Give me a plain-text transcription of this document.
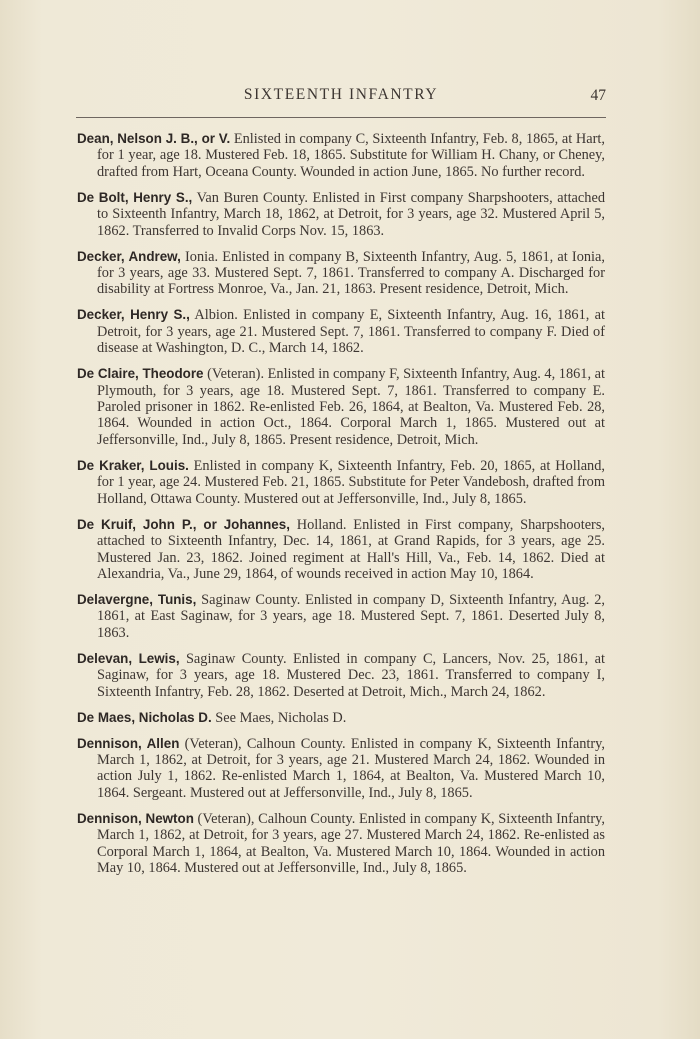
SIXTEENTH INFANTRY	47

Dean, Nelson J. B., or V. Enlisted in company C, Sixteenth Infantry, Feb. 8, 1865, at Hart, for 1 year, age 18. Mustered Feb. 18, 1865. Substitute for William H. Chany, or Cheney, drafted from Hart, Oceana County. Wounded in action June, 1865. No further record.

De Bolt, Henry S., Van Buren County. Enlisted in First company Sharpshooters, attached to Sixteenth Infantry, March 18, 1862, at Detroit, for 3 years, age 32. Mustered April 5, 1862. Transferred to Invalid Corps Nov. 15, 1863.

Decker, Andrew, Ionia. Enlisted in company B, Sixteenth Infantry, Aug. 5, 1861, at Ionia, for 3 years, age 33. Mustered Sept. 7, 1861. Transferred to company A. Discharged for disability at Fortress Monroe, Va., Jan. 21, 1863. Present residence, Detroit, Mich.

Decker, Henry S., Albion. Enlisted in company E, Sixteenth Infantry, Aug. 16, 1861, at Detroit, for 3 years, age 21. Mustered Sept. 7, 1861. Transferred to company F. Died of disease at Washington, D. C., March 14, 1862.

De Claire, Theodore (Veteran). Enlisted in company F, Sixteenth Infantry, Aug. 4, 1861, at Plymouth, for 3 years, age 18. Mustered Sept. 7, 1861. Transferred to company E. Paroled prisoner in 1862. Re-enlisted Feb. 26, 1864, at Bealton, Va. Mustered Feb. 28, 1864. Wounded in action Oct., 1864. Corporal March 1, 1865. Mustered out at Jeffersonville, Ind., July 8, 1865. Present residence, Detroit, Mich.

De Kraker, Louis. Enlisted in company K, Sixteenth Infantry, Feb. 20, 1865, at Holland, for 1 year, age 24. Mustered Feb. 21, 1865. Substitute for Peter Vandebosh, drafted from Holland, Ottawa County. Mustered out at Jeffersonville, Ind., July 8, 1865.

De Kruif, John P., or Johannes, Holland. Enlisted in First company, Sharpshooters, attached to Sixteenth Infantry, Dec. 14, 1861, at Grand Rapids, for 3 years, age 25. Mustered Jan. 23, 1862. Joined regiment at Hall's Hill, Va., Feb. 14, 1862. Died at Alexandria, Va., June 29, 1864, of wounds received in action May 10, 1864.

Delavergne, Tunis, Saginaw County. Enlisted in company D, Sixteenth Infantry, Aug. 2, 1861, at East Saginaw, for 3 years, age 18. Mustered Sept. 7, 1861. Deserted July 8, 1863.

Delevan, Lewis, Saginaw County. Enlisted in company C, Lancers, Nov. 25, 1861, at Saginaw, for 3 years, age 18. Mustered Dec. 23, 1861. Transferred to company I, Sixteenth Infantry, Feb. 28, 1862. Deserted at Detroit, Mich., March 24, 1862.

De Maes, Nicholas D. See Maes, Nicholas D.

Dennison, Allen (Veteran), Calhoun County. Enlisted in company K, Sixteenth Infantry, March 1, 1862, at Detroit, for 3 years, age 21. Mustered March 24, 1862. Wounded in action July 1, 1862. Re-enlisted March 1, 1864, at Bealton, Va. Mustered March 10, 1864. Sergeant. Mustered out at Jeffersonville, Ind., July 8, 1865.

Dennison, Newton (Veteran), Calhoun County. Enlisted in company K, Sixteenth Infantry, March 1, 1862, at Detroit, for 3 years, age 27. Mustered March 24, 1862. Re-enlisted as Corporal March 1, 1864, at Bealton, Va. Mustered March 10, 1864. Wounded in action May 10, 1864. Mustered out at Jeffersonville, Ind., July 8, 1865.
